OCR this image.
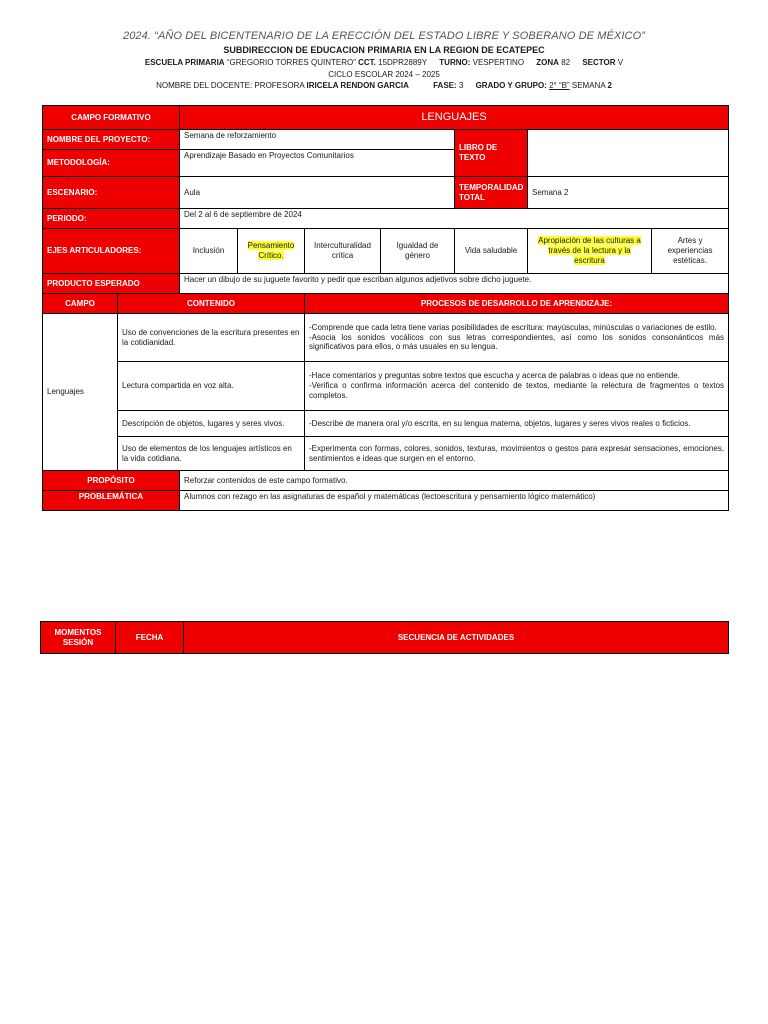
2024. “AÑO DEL BICENTENARIO DE LA ERECCIÓN DEL ESTADO LIBRE Y SOBERANO DE MÉXICO”
SUBDIRECCION DE EDUCACION PRIMARIA EN LA REGION DE ECATEPEC
ESCUELA PRIMARIA “GREGORIO TORRES QUINTERO” CCT. 15DPR2889Y TURNO: VESPERTINO ZONA 82 SECTOR V
CICLO ESCOLAR 2024 – 2025
NOMBRE DEL DOCENTE: PROFESORA IRICELA RENDON GARCIA	FASE: 3 GRADO Y GRUPO: 2° “B” SEMANA 2
CAMPO FORMATIVO		LENGUAJES						
NOMBRE DEL PROYECTO:		Semana de reforzamiento				LIBRO DE TEXTO		
METODOLOGÍA:		Aprendizaje Basado en Proyectos Comunitarios						
ESCENARIO:		Aula				TEMPORALIDAD TOTAL	Semana 2	
PERIODO:		Del 2 al 6 de septiembre de 2024						
EJES ARTICULADORES:		Inclusión	Pensamiento Crítico.	Interculturalidad crítica	Igualdad de género	Vida saludable	Apropiación de las culturas a través de la lectura y la escritura	Artes y experiencias estéticas.
PRODUCTO ESPERADO		Hacer un dibujo de su juguete favorito y pedir que escriban algunos adjetivos sobre dicho juguete.						
CAMPO	CONTENIDO			PROCESOS DE DESARROLLO DE APRENDIZAJE:				
Lenguajes	Uso de convenciones de la escritura presentes en la cotidianidad.			-Comprende que cada letra tiene varias posibilidades de escritura: mayúsculas, minúsculas o variaciones de estilo.
-Asocia los sonidos vocálicos con sus letras correspondientes, así como los sonidos consonánticos más significativos para ellos, o más usuales en su lengua.				
	Lectura compartida en voz alta.			-Hace comentarios y preguntas sobre textos que escucha y acerca de palabras o ideas que no entiende.
-Verifica o confirma información acerca del contenido de textos, mediante la relectura de fragmentos o textos completos.				
	Descripción de objetos, lugares y seres vivos.			-Describe de manera oral y/o escrita, en su lengua materna, objetos, lugares y seres vivos reales o ficticios.				
	Uso de elementos de los lenguajes artísticos en la vida cotidiana.			-Experimenta con formas, colores, sonidos, texturas, movimientos o gestos para expresar sensaciones, emociones, sentimientos e ideas que surgen en el entorno.				
PROPÓSITO		Reforzar contenidos de este campo formativo.						
PROBLEMÁTICA		Alumnos con rezago en las asignaturas de español y matemáticas (lectoescritura y pensamiento lógico matemático)						
MOMENTOS SESIÓN	FECHA	SECUENCIA DE ACTIVIDADES
